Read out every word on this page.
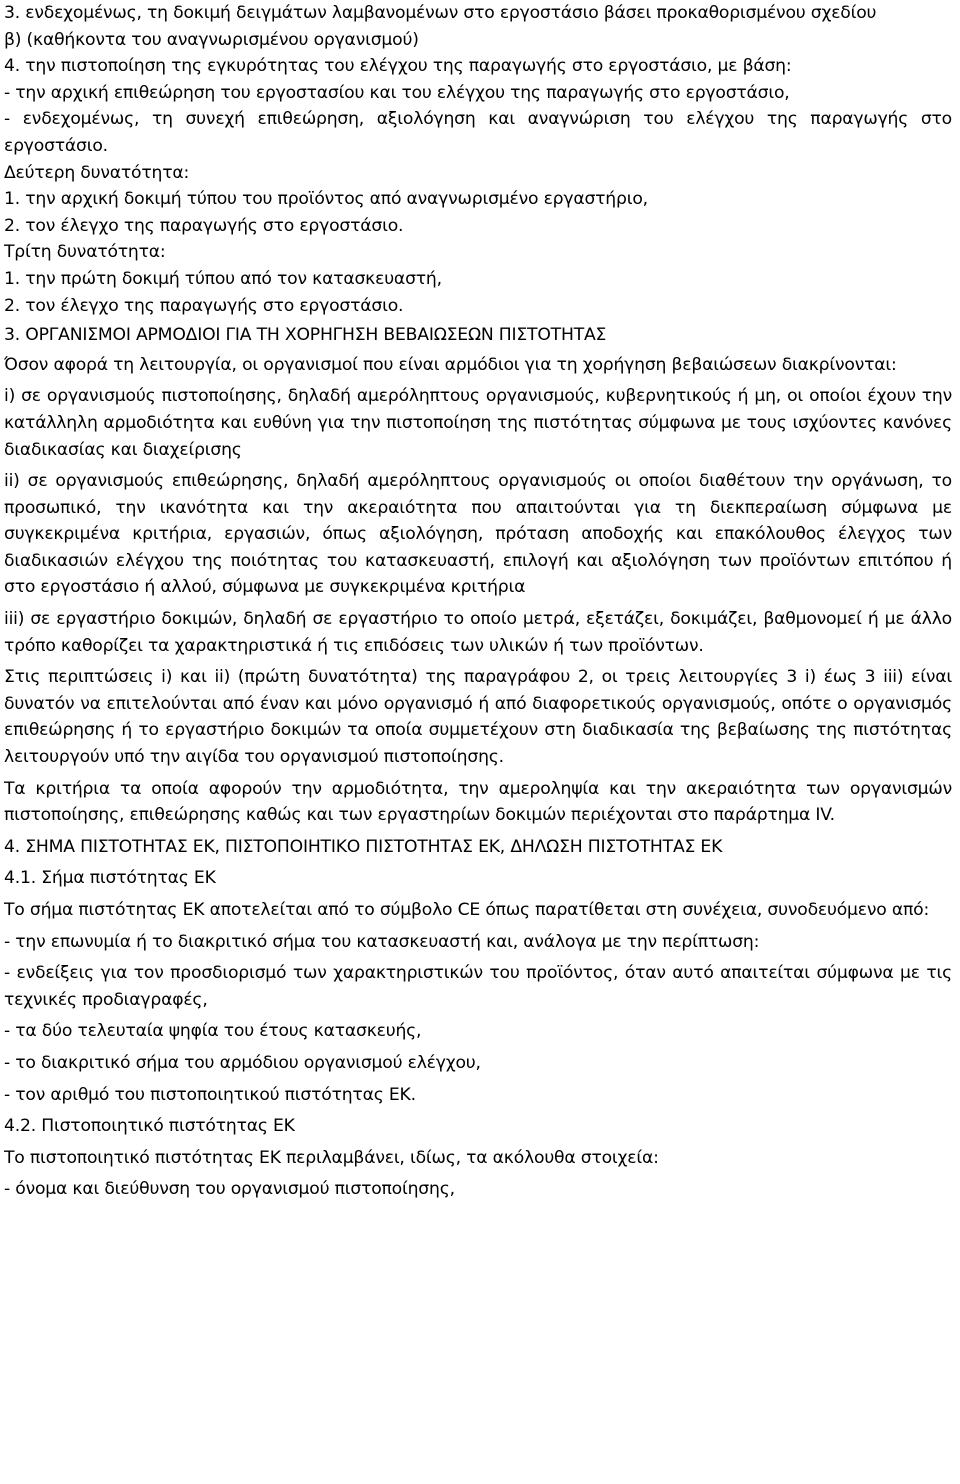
3. ενδεχομένως, τη δοκιμή δειγμάτων λαμβανομένων στο εργοστάσιο βάσει προκαθορισμένου σχεδίου
β) (καθήκοντα του αναγνωρισμένου οργανισμού)
4. την πιστοποίηση της εγκυρότητας του ελέγχου της παραγωγής στο εργοστάσιο, με βάση:
- την αρχική επιθεώρηση του εργοστασίου και του ελέγχου της παραγωγής στο εργοστάσιο,
- ενδεχομένως, τη συνεχή επιθεώρηση, αξιολόγηση και αναγνώριση του ελέγχου της παραγωγής στο εργοστάσιο.
Δεύτερη δυνατότητα:
1. την αρχική δοκιμή τύπου του προϊόντος από αναγνωρισμένο εργαστήριο,
2. τον έλεγχο της παραγωγής στο εργοστάσιο.
Τρίτη δυνατότητα:
1. την πρώτη δοκιμή τύπου από τον κατασκευαστή,
2. τον έλεγχο της παραγωγής στο εργοστάσιο.
3. ΟΡΓΑΝΙΣΜΟΙ ΑΡΜΟΔΙΟΙ ΓΙΑ ΤΗ ΧΟΡΗΓΗΣΗ ΒΕΒΑΙΩΣΕΩΝ ΠΙΣΤΟΤΗΤΑΣ

Όσον αφορά τη λειτουργία, οι οργανισμοί που είναι αρμόδιοι για τη χορήγηση βεβαιώσεων διακρίνονται:

i) σε οργανισμούς πιστοποίησης, δηλαδή αμερόληπτους οργανισμούς, κυβερνητικούς ή μη, οι οποίοι έχουν την κατάλληλη αρμοδιότητα και ευθύνη για την πιστοποίηση της πιστότητας σύμφωνα με τους ισχύοντες κανόνες διαδικασίας και διαχείρισης

ii) σε οργανισμούς επιθεώρησης, δηλαδή αμερόληπτους οργανισμούς οι οποίοι διαθέτουν την οργάνωση, το προσωπικό, την ικανότητα και την ακεραιότητα που απαιτούνται για τη διεκπεραίωση σύμφωνα με συγκεκριμένα κριτήρια, εργασιών, όπως αξιολόγηση, πρόταση αποδοχής και επακόλουθος έλεγχος των διαδικασιών ελέγχου της ποιότητας του κατασκευαστή, επιλογή και αξιολόγηση των προϊόντων επιτόπου ή στο εργοστάσιο ή αλλού, σύμφωνα με συγκεκριμένα κριτήρια

iii) σε εργαστήριο δοκιμών, δηλαδή σε εργαστήριο το οποίο μετρά, εξετάζει, δοκιμάζει, βαθμονομεί ή με άλλο τρόπο καθορίζει τα χαρακτηριστικά ή τις επιδόσεις των υλικών ή των προϊόντων.

Στις περιπτώσεις i) και ii) (πρώτη δυνατότητα) της παραγράφου 2, οι τρεις λειτουργίες 3 i) έως 3 iii) είναι δυνατόν να επιτελούνται από έναν και μόνο οργανισμό ή από διαφορετικούς οργανισμούς, οπότε ο οργανισμός επιθεώρησης ή το εργαστήριο δοκιμών τα οποία συμμετέχουν στη διαδικασία της βεβαίωσης της πιστότητας λειτουργούν υπό την αιγίδα του οργανισμού πιστοποίησης.

Τα κριτήρια τα οποία αφορούν την αρμοδιότητα, την αμεροληψία και την ακεραιότητα των οργανισμών πιστοποίησης, επιθεώρησης καθώς και των εργαστηρίων δοκιμών περιέχονται στο παράρτημα IV.

4. ΣΗΜΑ ΠΙΣΤΟΤΗΤΑΣ ΕΚ, ΠΙΣΤΟΠΟΙΗΤΙΚΟ ΠΙΣΤΟΤΗΤΑΣ ΕΚ, ΔΗΛΩΣΗ ΠΙΣΤΟΤΗΤΑΣ ΕΚ
4.1. Σήμα πιστότητας ΕΚ

Το σήμα πιστότητας ΕΚ αποτελείται από το σύμβολο CE όπως παρατίθεται στη συνέχεια, συνοδευόμενο από:

- την επωνυμία ή το διακριτικό σήμα του κατασκευαστή και, ανάλογα με την περίπτωση:

- ενδείξεις για τον προσδιορισμό των χαρακτηριστικών του προϊόντος, όταν αυτό απαιτείται σύμφωνα με τις τεχνικές προδιαγραφές,

- τα δύο τελευταία ψηφία του έτους κατασκευής,
- το διακριτικό σήμα του αρμόδιου οργανισμού ελέγχου,
- τον αριθμό του πιστοποιητικού πιστότητας ΕΚ.
4.2. Πιστοποιητικό πιστότητας ΕΚ
Το πιστοποιητικό πιστότητας ΕΚ περιλαμβάνει, ιδίως, τα ακόλουθα στοιχεία:
- όνομα και διεύθυνση του οργανισμού πιστοποίησης,
